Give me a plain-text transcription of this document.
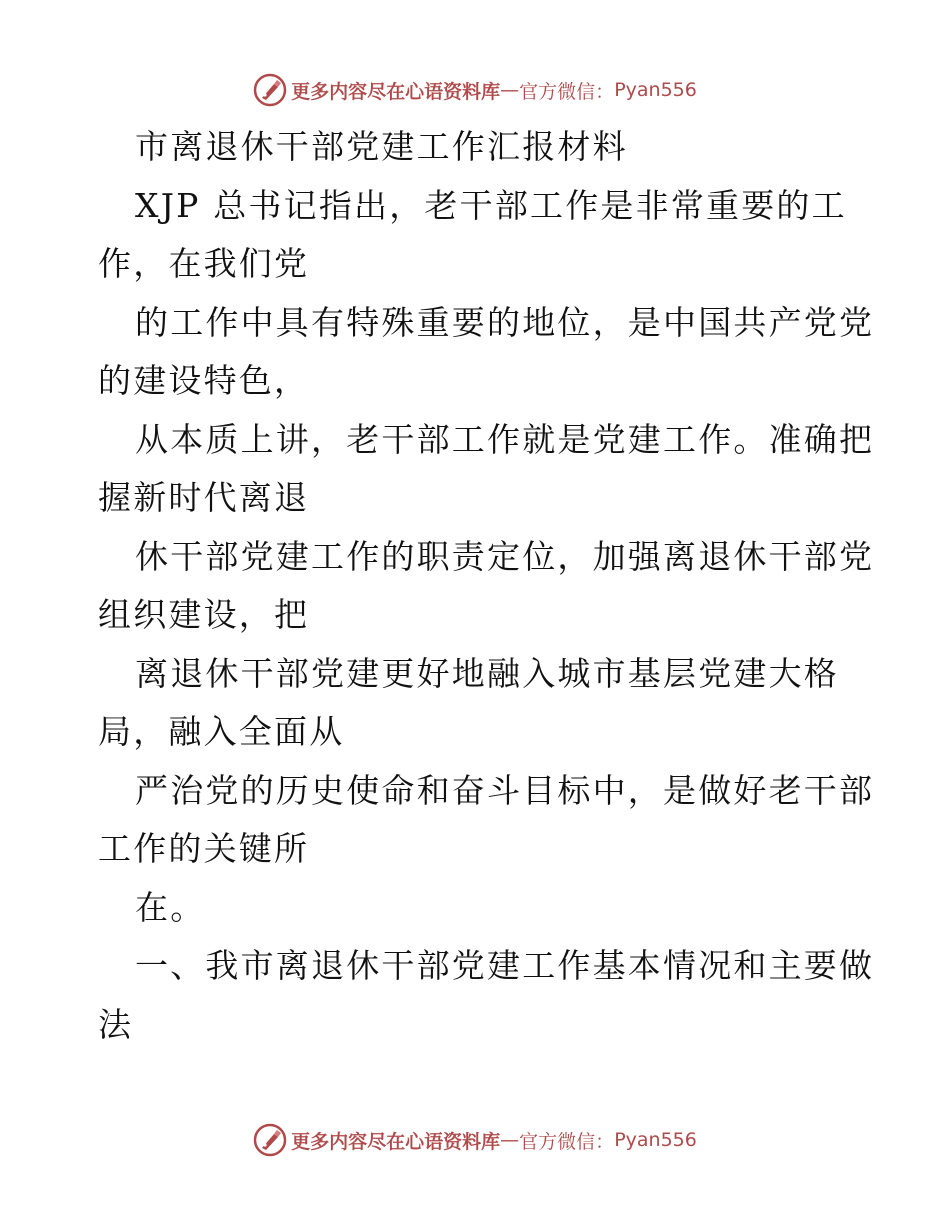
更多内容尽在心语资料库 — 官方微信： Pyan556
市离退休干部党建工作汇报材料
XJP 总书记指出，老干部工作是非常重要的工
作，在我们党
的工作中具有特殊重要的地位，是中国共产党党
的建设特色，
从本质上讲，老干部工作就是党建工作。准确把
握新时代离退
休干部党建工作的职责定位，加强离退休干部党
组织建设，把
离退休干部党建更好地融入城市基层党建大格
局，融入全面从
严治党的历史使命和奋斗目标中，是做好老干部
工作的关键所
在。
一、我市离退休干部党建工作基本情况和主要做
法
更多内容尽在心语资料库 — 官方微信： Pyan556
